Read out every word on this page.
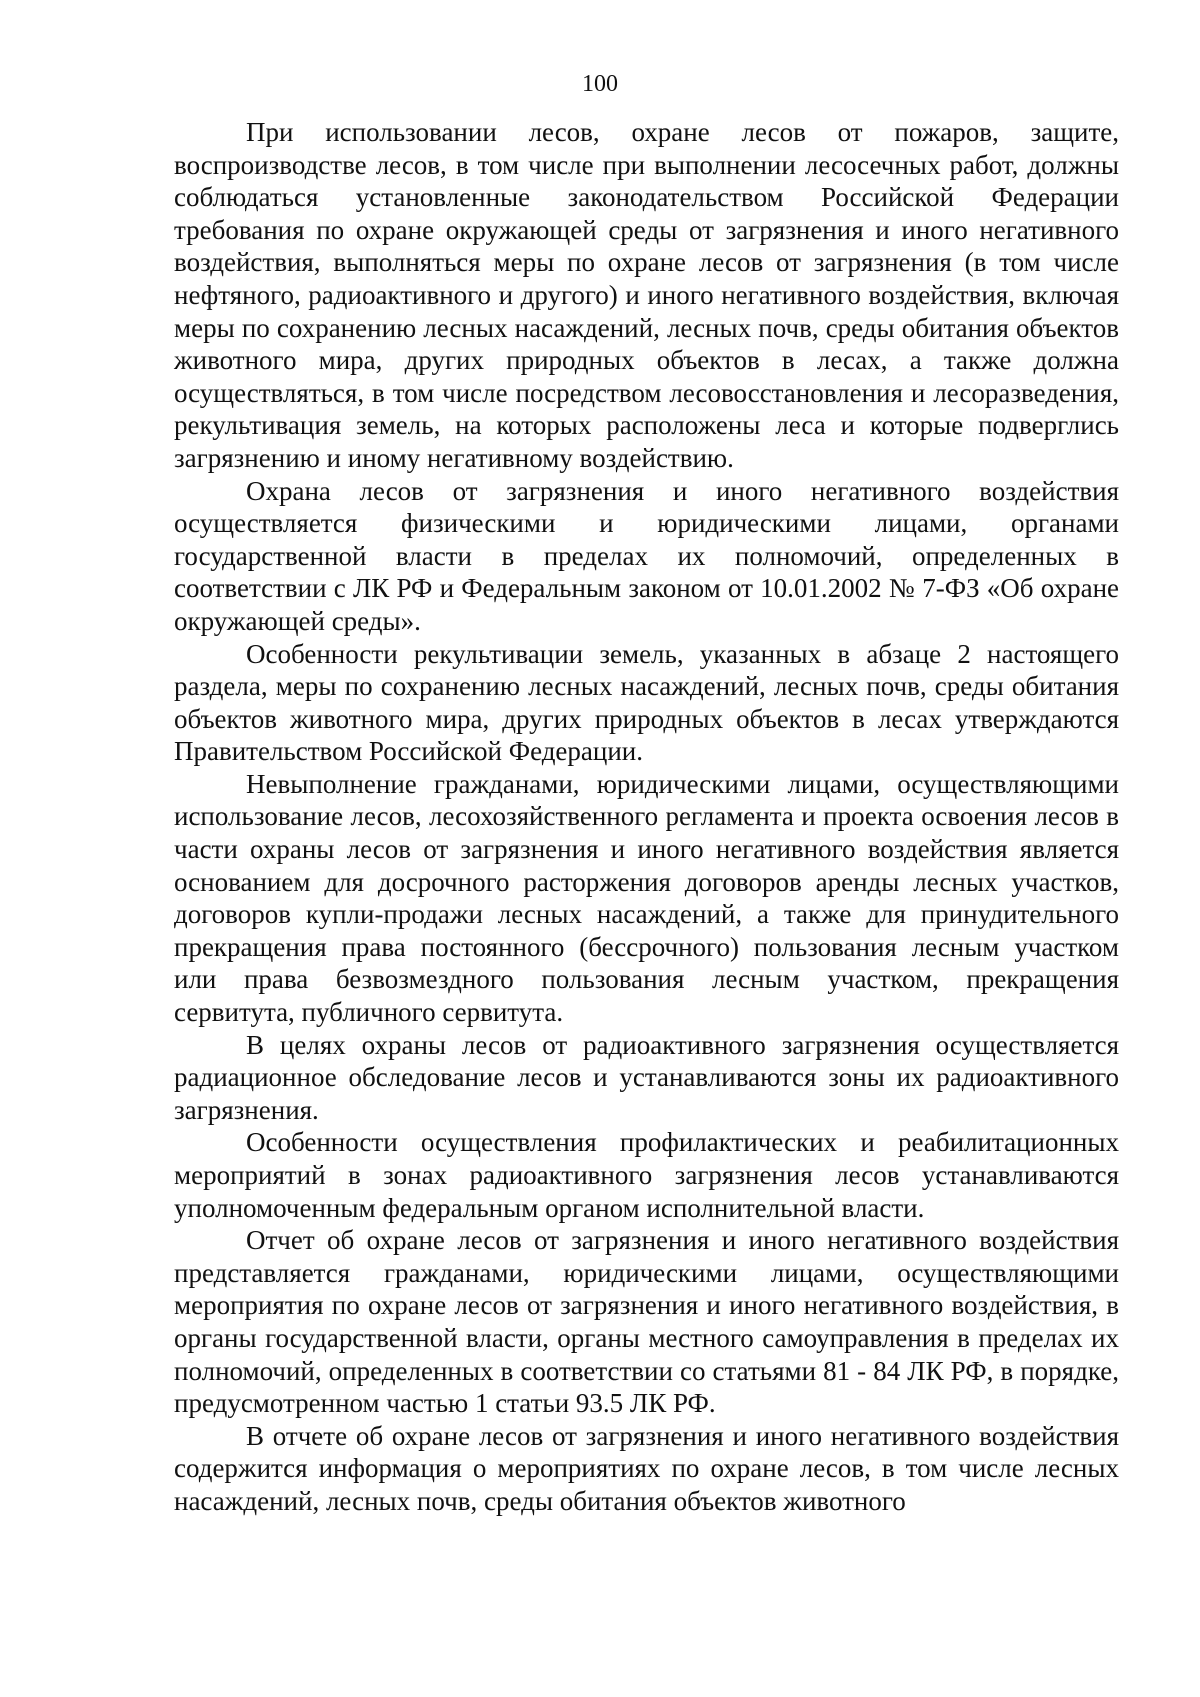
100

При использовании лесов, охране лесов от пожаров, защите, воспроизводстве лесов, в том числе при выполнении лесосечных работ, должны соблюдаться установленные законодательством Российской Федерации требования по охране окружающей среды от загрязнения и иного негативного воздействия, выполняться меры по охране лесов от загрязнения (в том числе нефтяного, радиоактивного и другого) и иного негативного воздействия, включая меры по сохранению лесных насаждений, лесных почв, среды обитания объектов животного мира, других природных объектов в лесах, а также должна осуществляться, в том числе посредством лесовосстановления и лесоразведения, рекультивация земель, на которых расположены леса и которые подверглись загрязнению и иному негативному воздействию.

Охрана лесов от загрязнения и иного негативного воздействия осуществляется физическими и юридическими лицами, органами государственной власти в пределах их полномочий, определенных в соответствии с ЛК РФ и Федеральным законом от 10.01.2002 № 7-ФЗ «Об охране окружающей среды».

Особенности рекультивации земель, указанных в абзаце 2 настоящего раздела, меры по сохранению лесных насаждений, лесных почв, среды обитания объектов животного мира, других природных объектов в лесах утверждаются Правительством Российской Федерации.

Невыполнение гражданами, юридическими лицами, осуществляющими использование лесов, лесохозяйственного регламента и проекта освоения лесов в части охраны лесов от загрязнения и иного негативного воздействия является основанием для досрочного расторжения договоров аренды лесных участков, договоров купли-продажи лесных насаждений, а также для принудительного прекращения права постоянного (бессрочного) пользования лесным участком или права безвозмездного пользования лесным участком, прекращения сервитута, публичного сервитута.

В целях охраны лесов от радиоактивного загрязнения осуществляется радиационное обследование лесов и устанавливаются зоны их радиоактивного загрязнения.

Особенности осуществления профилактических и реабилитационных мероприятий в зонах радиоактивного загрязнения лесов устанавливаются уполномоченным федеральным органом исполнительной власти.

Отчет об охране лесов от загрязнения и иного негативного воздействия представляется гражданами, юридическими лицами, осуществляющими мероприятия по охране лесов от загрязнения и иного негативного воздействия, в органы государственной власти, органы местного самоуправления в пределах их полномочий, определенных в соответствии со статьями 81 - 84 ЛК РФ, в порядке, предусмотренном частью 1 статьи 93.5 ЛК РФ.

В отчете об охране лесов от загрязнения и иного негативного воздействия содержится информация о мероприятиях по охране лесов, в том числе лесных насаждений, лесных почв, среды обитания объектов животного
